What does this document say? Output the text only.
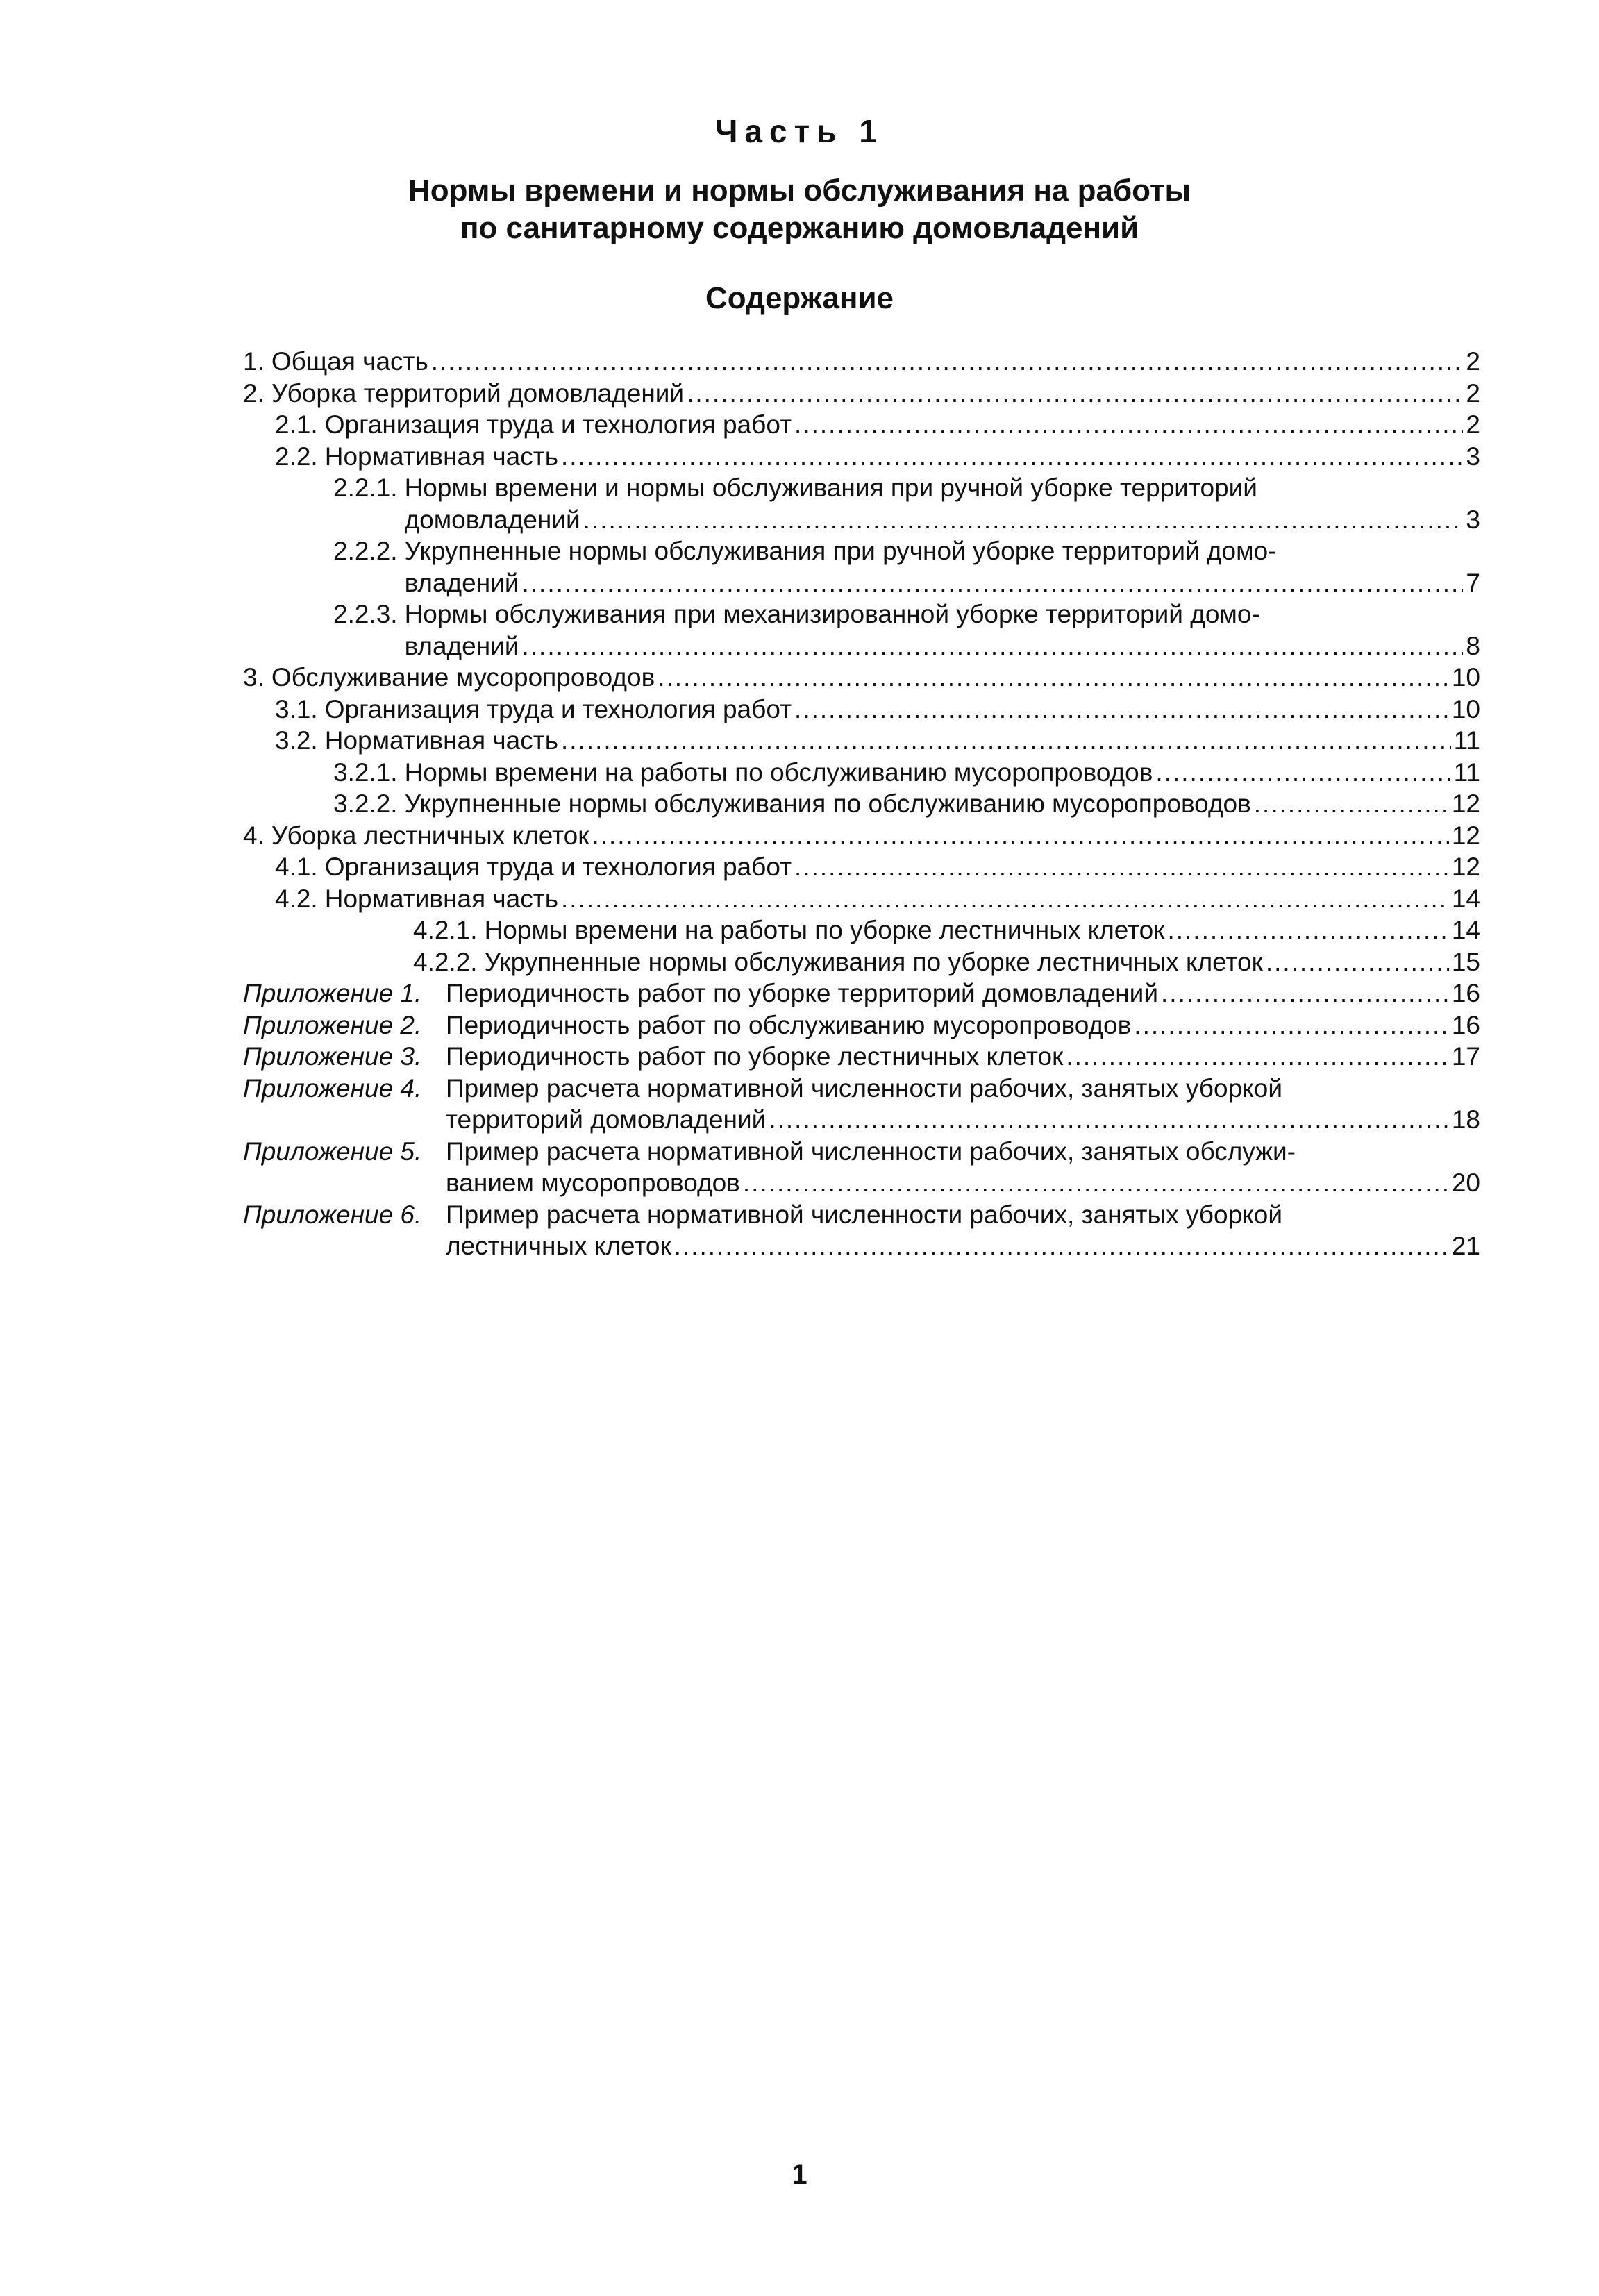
Часть 1
Нормы времени и нормы обслуживания на работы
по санитарному содержанию домовладений
Содержание
1. Общая часть .....	2
2. Уборка территорий домовладений .....	2
2.1. Организация труда и технология работ .....	2
2.2. Нормативная часть .....	3
2.2.1. Нормы времени и нормы обслуживания при ручной уборке территорий
домовладений .....	3
2.2.2. Укрупненные нормы обслуживания при ручной уборке территорий домо-
владений .....	7
2.2.3. Нормы обслуживания при механизированной уборке территорий домо-
владений .....	8
3. Обслуживание мусоропроводов .....	10
3.1. Организация труда и технология работ .....	10
3.2. Нормативная часть .....	11
3.2.1. Нормы времени на работы по обслуживанию мусоропроводов .....	11
3.2.2. Укрупненные нормы обслуживания по обслуживанию мусоропроводов .....	12
4. Уборка лестничных клеток .....	12
4.1. Организация труда и технология работ .....	12
4.2. Нормативная часть .....	14
4.2.1. Нормы времени на работы по уборке лестничных клеток .....	14
4.2.2. Укрупненные нормы обслуживания по уборке лестничных клеток .....	15
Приложение 1. Периодичность работ по уборке территорий домовладений .....	16
Приложение 2. Периодичность работ по обслуживанию мусоропроводов .....	16
Приложение 3. Периодичность работ по уборке лестничных клеток .....	17
Приложение 4. Пример расчета нормативной численности рабочих, занятых уборкой
территорий домовладений .....	18
Приложение 5. Пример расчета нормативной численности рабочих, занятых обслужи-
ванием мусоропроводов .....	20
Приложение 6. Пример расчета нормативной численности рабочих, занятых уборкой
лестничных клеток .....	21
1
